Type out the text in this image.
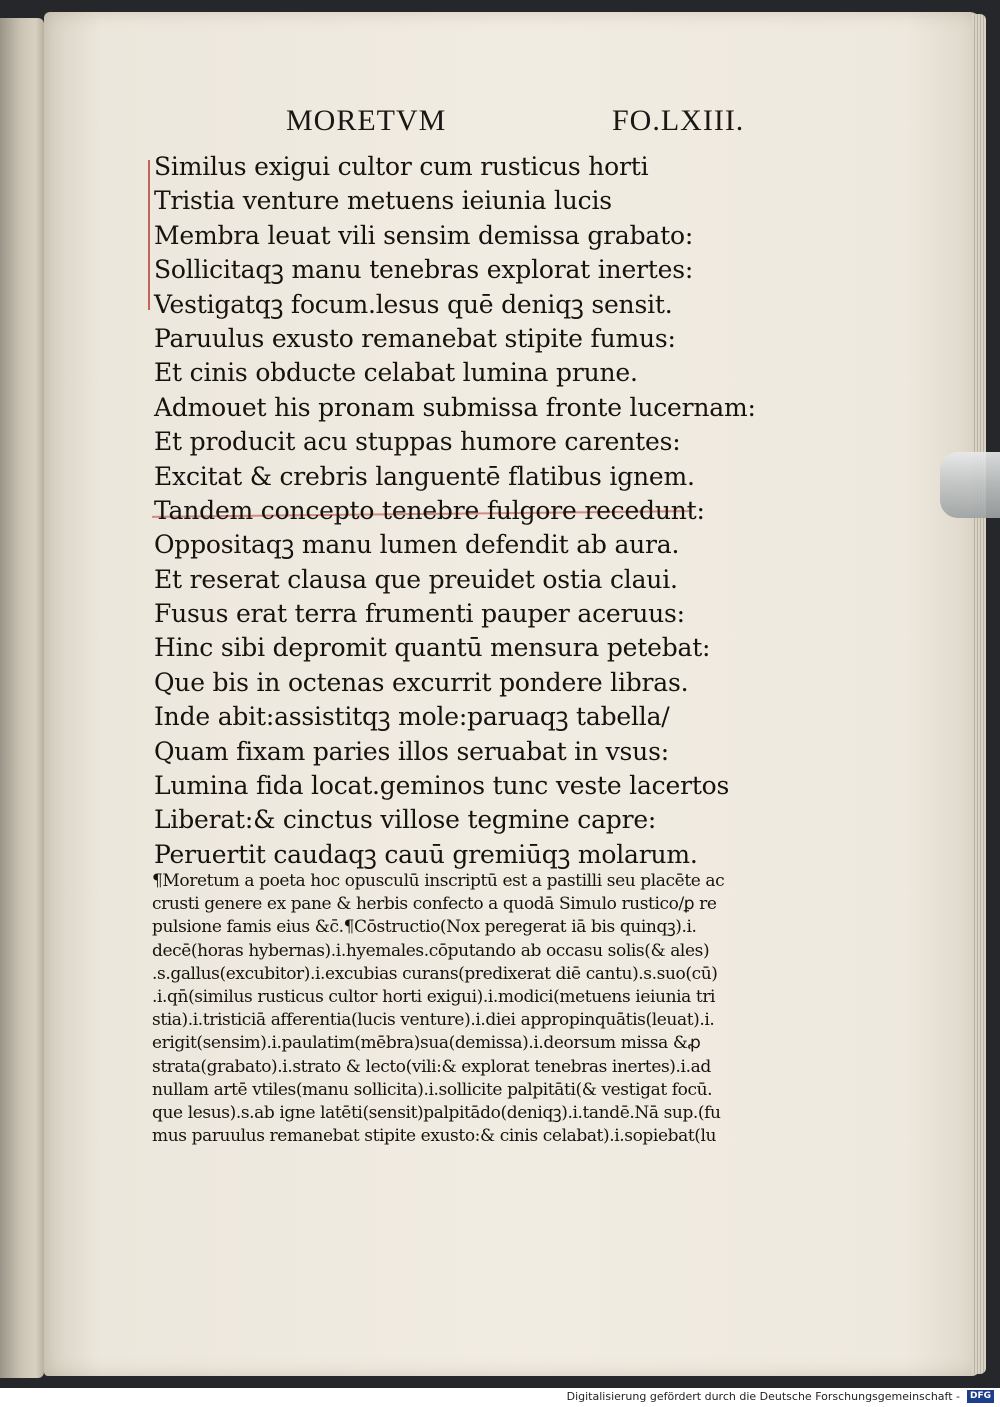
MORETVM	FO.LXIII.
Similus exigui cultor cum rusticus horti
Tristia venture metuens ieiunia lucis
Membra leuat vili sensim demissa grabato:
Sollicitaqꝫ manu tenebras explorat inertes:
Vestigatqꝫ focum.lesus quē deniqꝫ sensit.
Paruulus exusto remanebat stipite fumus:
Et cinis obducte celabat lumina prune.
Admouet his pronam submissa fronte lucernam:
Et producit acu stuppas humore carentes:
Excitat & crebris languentē flatibus ignem.
Tandem concepto tenebre fulgore recedunt:
Oppositaqꝫ manu lumen defendit ab aura.
Et reserat clausa que preuidet ostia claui.
Fusus erat terra frumenti pauper aceruus:
Hinc sibi depromit quantū mensura petebat:
Que bis in octenas excurrit pondere libras.
Inde abit:assistitqꝫ mole:paruaqꝫ tabella/
Quam fixam paries illos seruabat in vsus:
Lumina fida locat.geminos tunc veste lacertos
Liberat:& cinctus villose tegmine capre:
Peruertit caudaqꝫ cauū gremiūqꝫ molarum.
¶Moretum a poeta hoc opusculū inscriptū est a pastilli seu placēte ac
crusti genere ex pane & herbis confecto a quodā Simulo rustico/ꝑ re
pulsione famis eius &c̄.¶Cōstructio(Nox peregerat iā bis quinqꝫ).i.
decē(horas hybernas).i.hyemales.cōputando ab occasu solis(& ales)
.s.gallus(excubitor).i.excubias curans(predixerat diē cantu).s.suo(cū)
.i.qn̄(similus rusticus cultor horti exigui).i.modici(metuens ieiunia tri
stia).i.tristiciā afferentia(lucis venture).i.diei appropinquātis(leuat).i.
erigit(sensim).i.paulatim(mēbra)sua(demissa).i.deorsum missa &ꝓ
strata(grabato).i.strato & lecto(vili:& explorat tenebras inertes).i.ad
nullam artē vtiles(manu sollicita).i.sollicite palpitāti(& vestigat focū.
que lesus).s.ab igne latēti(sensit)palpitādo(deniqꝫ).i.tandē.Nā sup.(fu
mus paruulus remanebat stipite exusto:& cinis celabat).i.sopiebat(lu
Digitalisierung gefördert durch die Deutsche Forschungsgemeinschaft -	DFG
